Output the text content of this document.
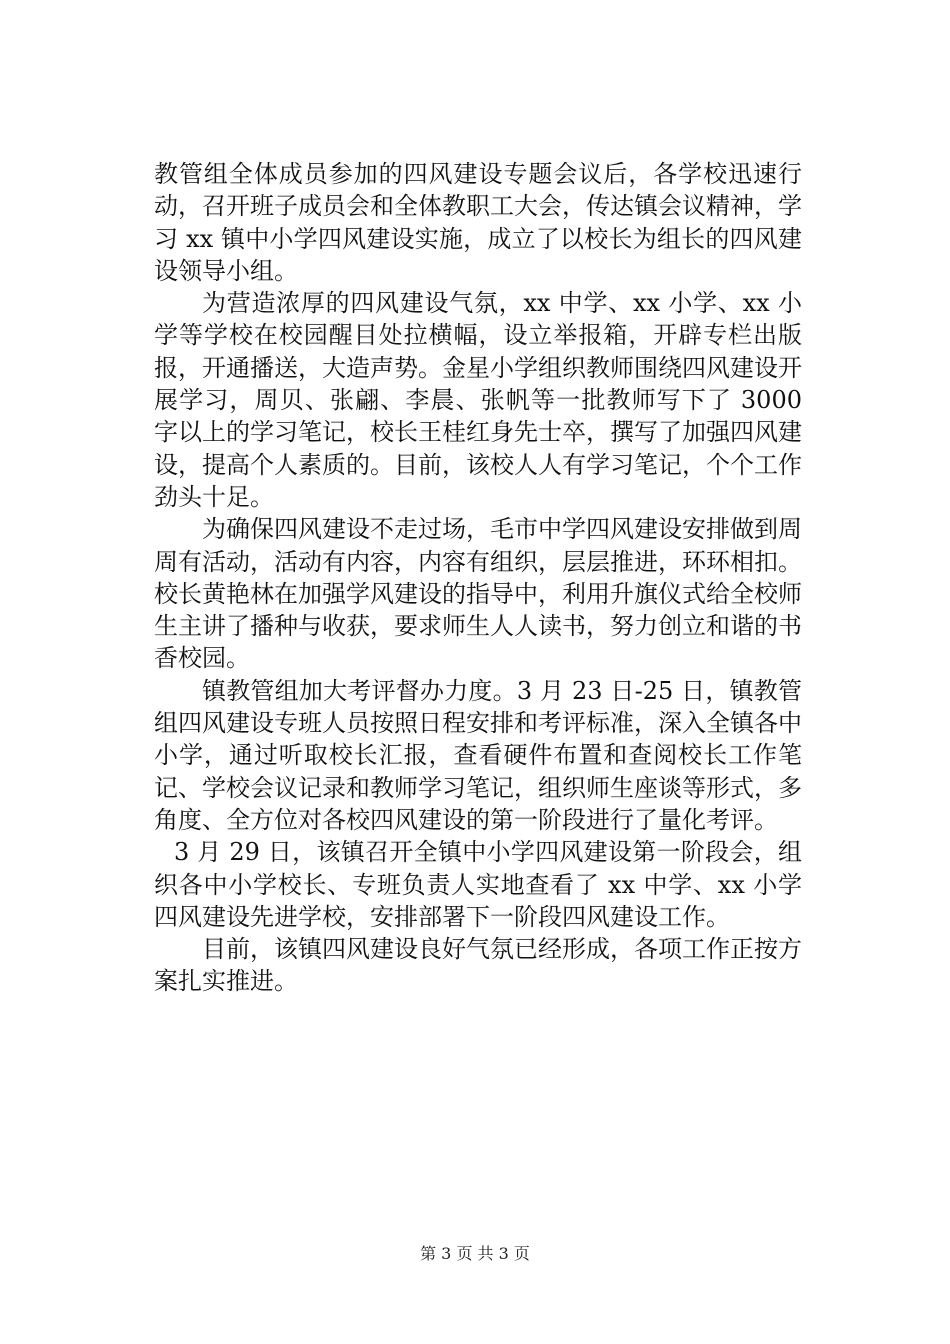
教管组全体成员参加的四风建设专题会议后，各学校迅速行动，召开班子成员会和全体教职工大会，传达镇会议精神，学习 xx 镇中小学四风建设实施，成立了以校长为组长的四风建设领导小组。

为营造浓厚的四风建设气氛，xx 中学、xx 小学、xx 小学等学校在校园醒目处拉横幅，设立举报箱，开辟专栏出版报，开通播送，大造声势。金星小学组织教师围绕四风建设开展学习，周贝、张翩、李晨、张帆等一批教师写下了 3000 字以上的学习笔记，校长王桂红身先士卒，撰写了加强四风建设，提高个人素质的。目前，该校人人有学习笔记，个个工作劲头十足。

为确保四风建设不走过场，毛市中学四风建设安排做到周周有活动，活动有内容，内容有组织，层层推进，环环相扣。校长黄艳林在加强学风建设的指导中，利用升旗仪式给全校师生主讲了播种与收获，要求师生人人读书，努力创立和谐的书香校园。

镇教管组加大考评督办力度。3 月 23 日-25 日，镇教管组四风建设专班人员按照日程安排和考评标准，深入全镇各中小学，通过听取校长汇报，查看硬件布置和查阅校长工作笔记、学校会议记录和教师学习笔记，组织师生座谈等形式，多角度、全方位对各校四风建设的第一阶段进行了量化考评。

3 月 29 日，该镇召开全镇中小学四风建设第一阶段会，组织各中小学校长、专班负责人实地查看了 xx 中学、xx 小学四风建设先进学校，安排部署下一阶段四风建设工作。

目前，该镇四风建设良好气氛已经形成，各项工作正按方案扎实推进。

第 3 页 共 3 页
